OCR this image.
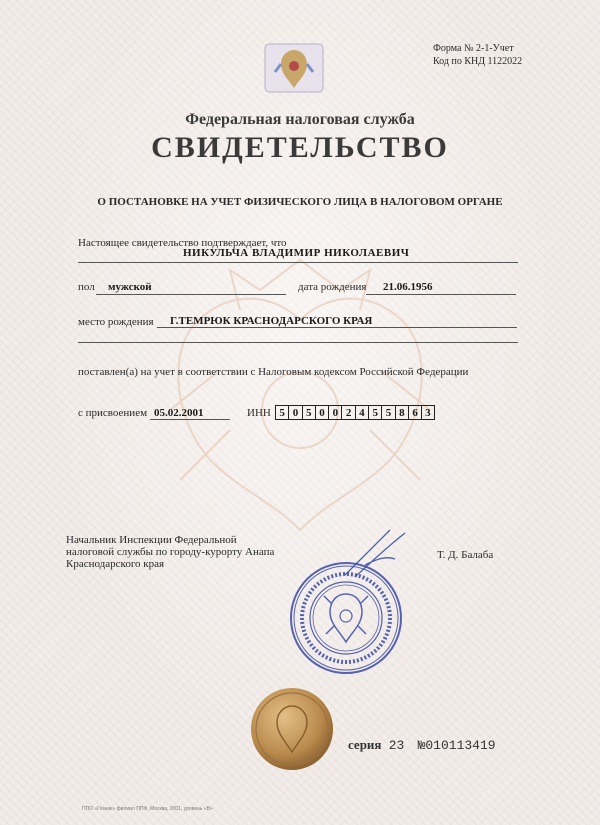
Форма № 2-1-Учет
Код по КНД 1122022
Федеральная налоговая служба
СВИДЕТЕЛЬСТВО
О ПОСТАНОВКЕ НА УЧЕТ ФИЗИЧЕСКОГО ЛИЦА В НАЛОГОВОМ ОРГАНЕ
Настоящее свидетельство подтверждает, что
НИКУЛЬЧА ВЛАДИМИР НИКОЛАЕВИЧ
пол мужской	дата рождения 21.06.1956
место рождения Г.ТЕМРЮК КРАСНОДАРСКОГО КРАЯ
поставлен(а) на учет в соответствии с Налоговым кодексом Российской Федерации
с присвоением 05.02.2001	ИНН 5 0 5 0 0 2 4 5 5 8 6 3
Начальник Инспекции Федеральной
налоговой службы по городу-курорту Анапа
Краснодарского края
Т. Д. Балаба
серия 23 №010113419
ППО «Гознак» филиал ППФ, Москва, 2001, уровень «В»
